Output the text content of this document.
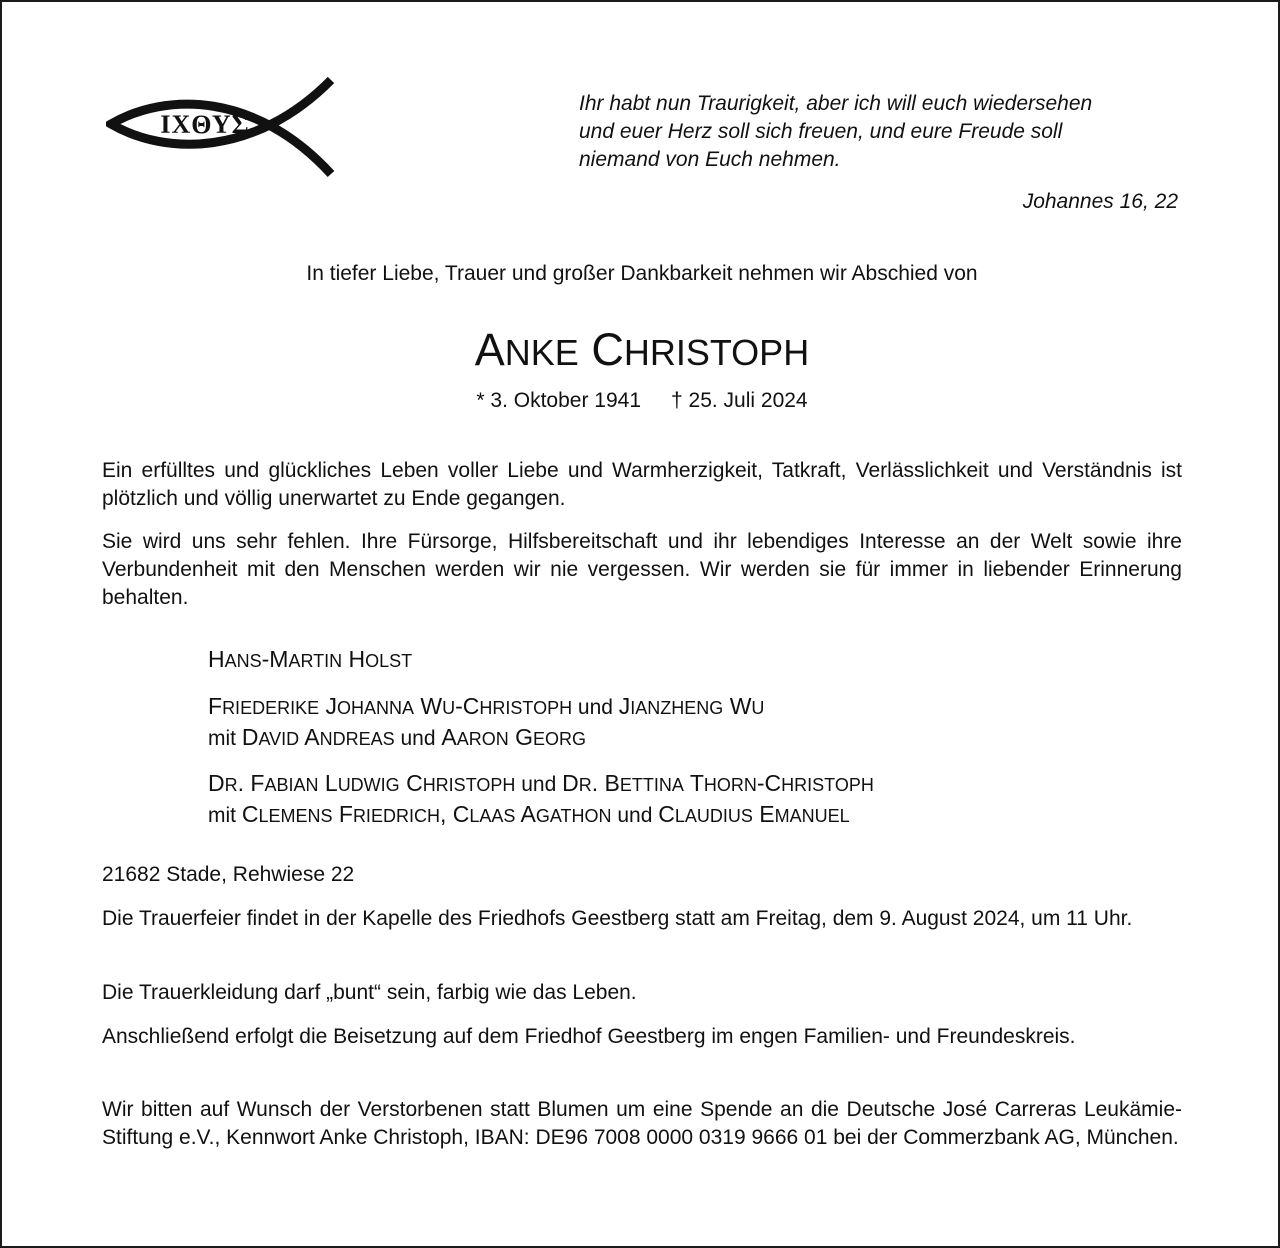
ΙΧΘΥΣ
Ihr habt nun Traurigkeit, aber ich will euch wiedersehen
und euer Herz soll sich freuen, und eure Freude soll
niemand von Euch nehmen.
Johannes 16, 22
In tiefer Liebe, Trauer und großer Dankbarkeit nehmen wir Abschied von
ANKE CHRISTOPH
* 3. Oktober 1941 † 25. Juli 2024
Ein erfülltes und glückliches Leben voller Liebe und Warmherzigkeit, Tatkraft, Verlässlichkeit und Verständnis ist plötzlich und völlig unerwartet zu Ende gegangen.
Sie wird uns sehr fehlen. Ihre Fürsorge, Hilfsbereitschaft und ihr lebendiges Interesse an der Welt sowie ihre Verbundenheit mit den Menschen werden wir nie vergessen. Wir werden sie für immer in liebender Erinnerung behalten.
HANS-MARTIN HOLST
FRIEDERIKE JOHANNA WU-CHRISTOPH und JIANZHENG WU
mit DAVID ANDREAS und AARON GEORG
DR. FABIAN LUDWIG CHRISTOPH und DR. BETTINA THORN-CHRISTOPH
mit CLEMENS FRIEDRICH, CLAAS AGATHON und CLAUDIUS EMANUEL
21682 Stade, Rehwiese 22
Die Trauerfeier findet in der Kapelle des Friedhofs Geestberg statt am Freitag, dem 9. August 2024, um 11 Uhr.
Die Trauerkleidung darf „bunt“ sein, farbig wie das Leben.
Anschließend erfolgt die Beisetzung auf dem Friedhof Geestberg im engen Familien- und Freundeskreis.
Wir bitten auf Wunsch der Verstorbenen statt Blumen um eine Spende an die Deutsche José Carreras Leukämie-Stiftung e.V., Kennwort Anke Christoph, IBAN: DE96 7008 0000 0319 9666 01 bei der Commerzbank AG, München.
